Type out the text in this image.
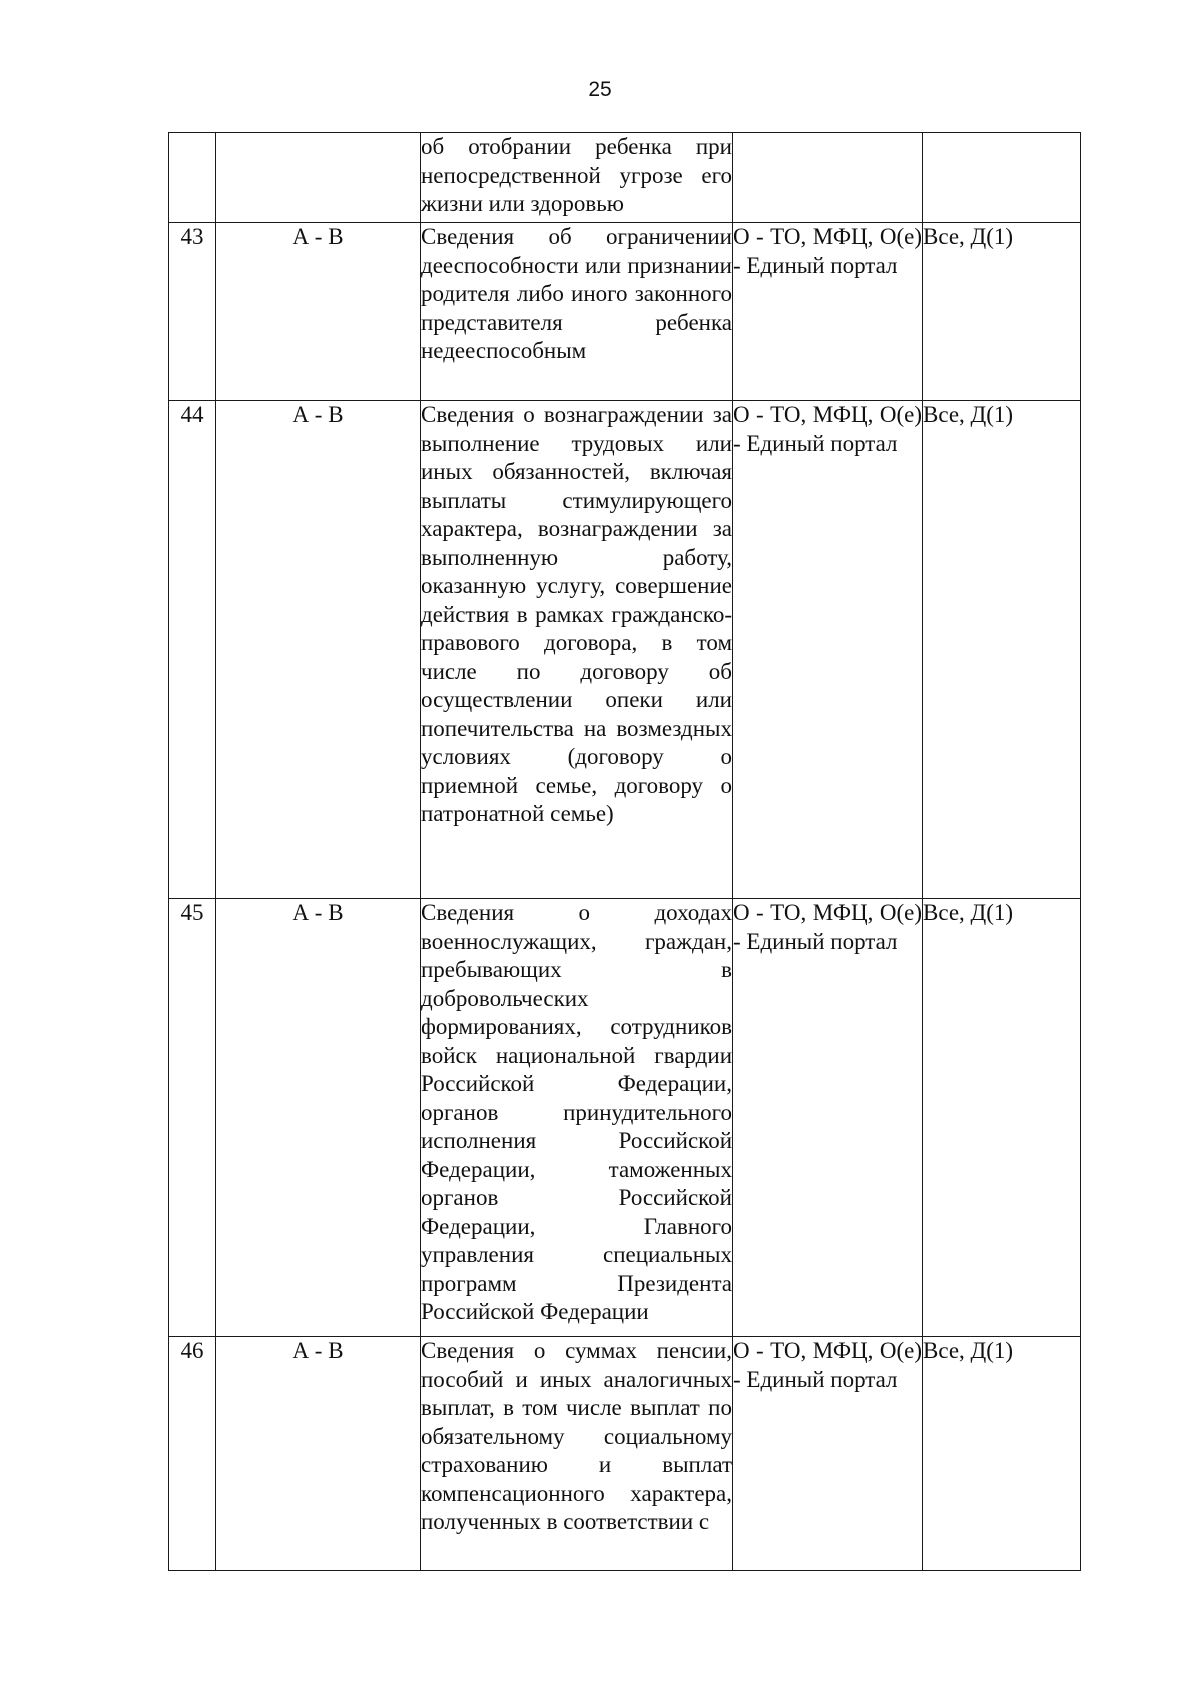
25
		об отобрании ребенка при непосредственной угрозе его жизни или здоровью		
43	А - В	Сведения об ограничении дееспособности или признании родителя либо иного законного представителя ребенка недееспособным	О - ТО, МФЦ, О(е) - Единый портал	Все, Д(1)
44	А - В	Сведения о вознаграждении за выполнение трудовых или иных обязанностей, включая выплаты стимулирующего характера, вознаграждении за выполненную работу, оказанную услугу, совершение действия в рамках гражданско-правового договора, в том числе по договору об осуществлении опеки или попечительства на возмездных условиях (договору о приемной семье, договору о патронатной семье)	О - ТО, МФЦ, О(е) - Единый портал	Все, Д(1)
45	А - В	Сведения о доходах военнослужащих, граждан, пребывающих в добровольческих формированиях, сотрудников войск национальной гвардии Российской Федерации, органов принудительного исполнения Российской Федерации, таможенных органов Российской Федерации, Главного управления специальных программ Президента Российской Федерации	О - ТО, МФЦ, О(е) - Единый портал	Все, Д(1)
46	А - В	Сведения о суммах пенсии, пособий и иных аналогичных выплат, в том числе выплат по обязательному социальному страхованию и выплат компенсационного характера, полученных в соответствии с	О - ТО, МФЦ, О(е) - Единый портал	Все, Д(1)
